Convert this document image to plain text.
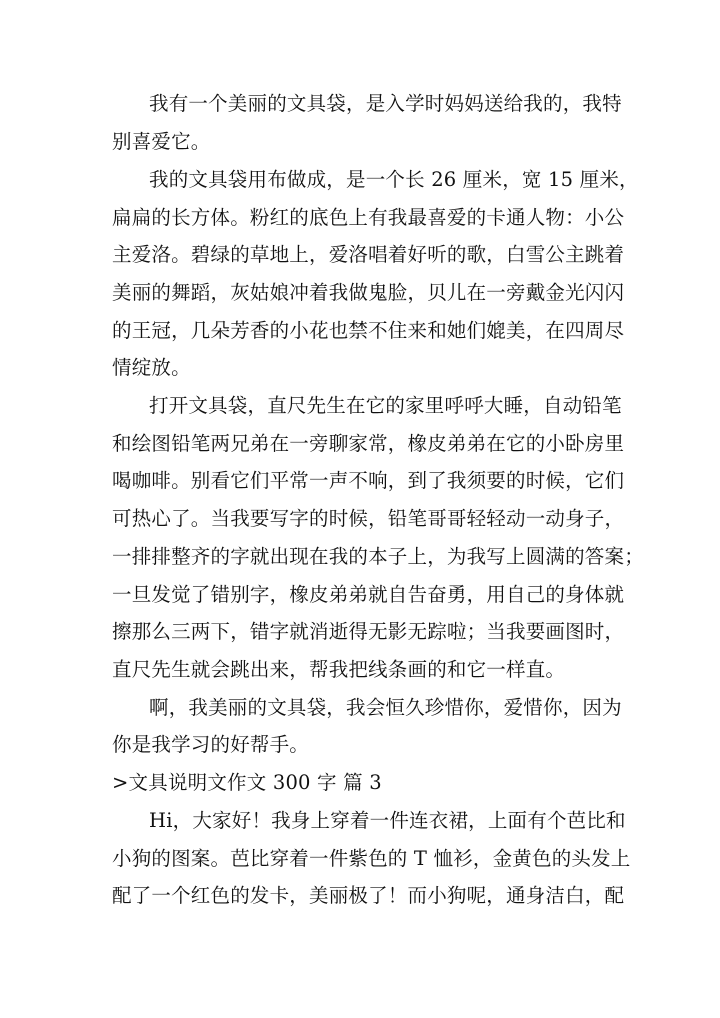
我有一个美丽的文具袋，是入学时妈妈送给我的，我特
别喜爱它。
我的文具袋用布做成，是一个长 26 厘米，宽 15 厘米，
扁扁的长方体。粉红的底色上有我最喜爱的卡通人物：小公
主爱洛。碧绿的草地上，爱洛唱着好听的歌，白雪公主跳着
美丽的舞蹈，灰姑娘冲着我做鬼脸，贝儿在一旁戴金光闪闪
的王冠，几朵芳香的小花也禁不住来和她们媲美，在四周尽
情绽放。
打开文具袋，直尺先生在它的家里呼呼大睡，自动铅笔
和绘图铅笔两兄弟在一旁聊家常，橡皮弟弟在它的小卧房里
喝咖啡。别看它们平常一声不响，到了我须要的时候，它们
可热心了。当我要写字的时候，铅笔哥哥轻轻动一动身子，
一排排整齐的字就出现在我的本子上，为我写上圆满的答案；
一旦发觉了错别字，橡皮弟弟就自告奋勇，用自己的身体就
擦那么三两下，错字就消逝得无影无踪啦；当我要画图时，
直尺先生就会跳出来，帮我把线条画的和它一样直。
啊，我美丽的文具袋，我会恒久珍惜你，爱惜你，因为
你是我学习的好帮手。
>文具说明文作文 300 字 篇 3
Hi，大家好！我身上穿着一件连衣裙，上面有个芭比和
小狗的图案。芭比穿着一件紫色的 T 恤衫，金黄色的头发上
配了一个红色的发卡，美丽极了！而小狗呢，通身洁白，配
